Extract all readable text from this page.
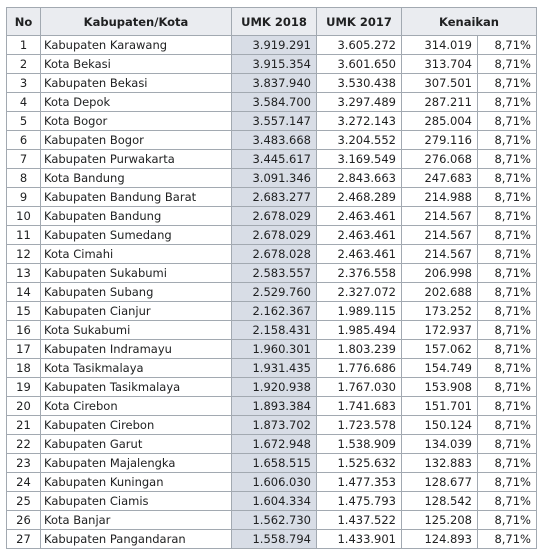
No	Kabupaten/Kota	UMK 2018	UMK 2017	Kenaikan	
1	Kabupaten Karawang	3.919.291	3.605.272	314.019	8,71%
2	Kota Bekasi	3.915.354	3.601.650	313.704	8,71%
3	Kabupaten Bekasi	3.837.940	3.530.438	307.501	8,71%
4	Kota Depok	3.584.700	3.297.489	287.211	8,71%
5	Kota Bogor	3.557.147	3.272.143	285.004	8,71%
6	Kabupaten Bogor	3.483.668	3.204.552	279.116	8,71%
7	Kabupaten Purwakarta	3.445.617	3.169.549	276.068	8,71%
8	Kota Bandung	3.091.346	2.843.663	247.683	8,71%
9	Kabupaten Bandung Barat	2.683.277	2.468.289	214.988	8,71%
10	Kabupaten Bandung	2.678.029	2.463.461	214.567	8,71%
11	Kabupaten Sumedang	2.678.029	2.463.461	214.567	8,71%
12	Kota Cimahi	2.678.028	2.463.461	214.567	8,71%
13	Kabupaten Sukabumi	2.583.557	2.376.558	206.998	8,71%
14	Kabupaten Subang	2.529.760	2.327.072	202.688	8,71%
15	Kabupaten Cianjur	2.162.367	1.989.115	173.252	8,71%
16	Kota Sukabumi	2.158.431	1.985.494	172.937	8,71%
17	Kabupaten Indramayu	1.960.301	1.803.239	157.062	8,71%
18	Kota Tasikmalaya	1.931.435	1.776.686	154.749	8,71%
19	Kabupaten Tasikmalaya	1.920.938	1.767.030	153.908	8,71%
20	Kota Cirebon	1.893.384	1.741.683	151.701	8,71%
21	Kabupaten Cirebon	1.873.702	1.723.578	150.124	8,71%
22	Kabupaten Garut	1.672.948	1.538.909	134.039	8,71%
23	Kabupaten Majalengka	1.658.515	1.525.632	132.883	8,71%
24	Kabupaten Kuningan	1.606.030	1.477.353	128.677	8,71%
25	Kabupaten Ciamis	1.604.334	1.475.793	128.542	8,71%
26	Kota Banjar	1.562.730	1.437.522	125.208	8,71%
27	Kabupaten Pangandaran	1.558.794	1.433.901	124.893	8,71%
